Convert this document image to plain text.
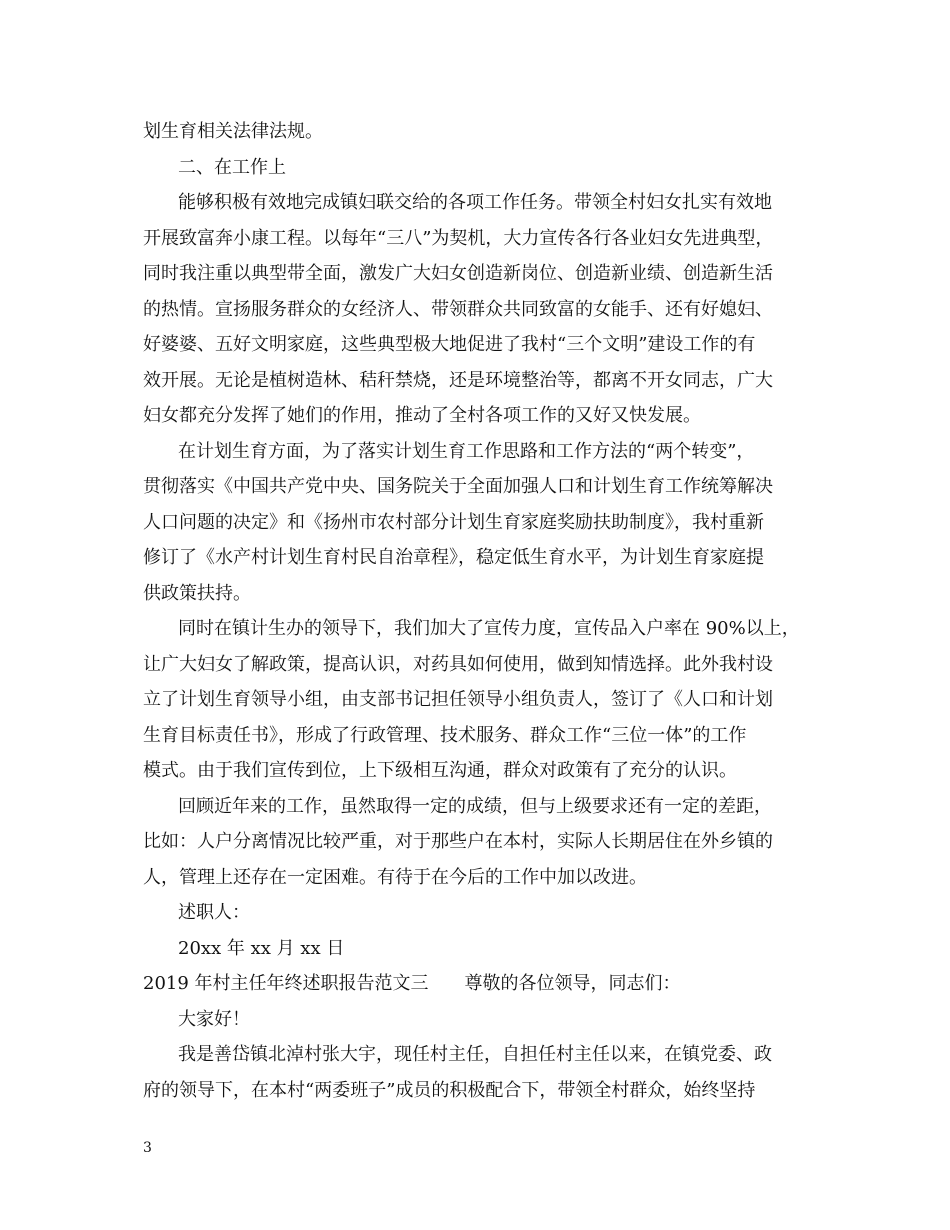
划生育相关法律法规。
二、在工作上
能够积极有效地完成镇妇联交给的各项工作任务。带领全村妇女扎实有效地
开展致富奔小康工程。以每年“三八”为契机，大力宣传各行各业妇女先进典型，
同时我注重以典型带全面，激发广大妇女创造新岗位、创造新业绩、创造新生活
的热情。宣扬服务群众的女经济人、带领群众共同致富的女能手、还有好媳妇、
好婆婆、五好文明家庭，这些典型极大地促进了我村“三个文明”建设工作的有
效开展。无论是植树造林、秸秆禁烧，还是环境整治等，都离不开女同志，广大
妇女都充分发挥了她们的作用，推动了全村各项工作的又好又快发展。
在计划生育方面，为了落实计划生育工作思路和工作方法的“两个转变”，
贯彻落实《中国共产党中央、国务院关于全面加强人口和计划生育工作统筹解决
人口问题的决定》和《扬州市农村部分计划生育家庭奖励扶助制度》，我村重新
修订了《水产村计划生育村民自治章程》，稳定低生育水平，为计划生育家庭提
供政策扶持。
同时在镇计生办的领导下，我们加大了宣传力度，宣传品入户率在 90%以上，
让广大妇女了解政策，提高认识，对药具如何使用，做到知情选择。此外我村设
立了计划生育领导小组，由支部书记担任领导小组负责人，签订了《人口和计划
生育目标责任书》，形成了行政管理、技术服务、群众工作“三位一体”的工作
模式。由于我们宣传到位，上下级相互沟通，群众对政策有了充分的认识。
回顾近年来的工作，虽然取得一定的成绩，但与上级要求还有一定的差距，
比如：人户分离情况比较严重，对于那些户在本村，实际人长期居住在外乡镇的
人，管理上还存在一定困难。有待于在今后的工作中加以改进。
述职人：
20xx 年 xx 月 xx 日
2019 年村主任年终述职报告范文三 尊敬的各位领导，同志们：
大家好！
我是善岱镇北淖村张大宇，现任村主任，自担任村主任以来，在镇党委、政
府的领导下，在本村“两委班子”成员的积极配合下，带领全村群众，始终坚持
3
